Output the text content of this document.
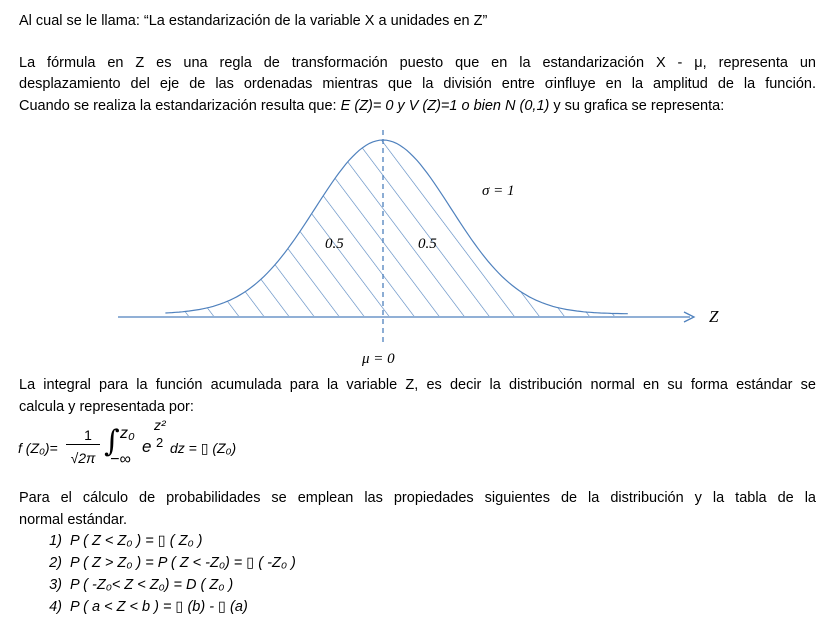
Al cual se le llama: “La estandarización de la variable X a unidades en Z”
La fórmula en Z es una regla de transformación puesto que en la estandarización X - μ, representa un
desplazamiento del eje de las ordenadas mientras que la división entre σinfluye en la amplitud de la función.
Cuando se realiza la estandarización resulta que: E (Z)= 0 y V (Z)=1 o bien N (0,1) y su grafica se representa:
Z
σ = 1
0.5	0.5
μ = 0
La integral para la función acumulada para la variable Z, es decir la distribución normal en su forma estándar se
calcula y representada por:
f (Z₀)=
1
√2π ∫ z₀
−∞
e
z²
2 dz = ▯ (Z₀)
Para el cálculo de probabilidades se emplean las propiedades siguientes de la distribución y la tabla de la
normal estándar.
1) P ( Z < Z₀ ) = ▯ ( Z₀ )
2) P ( Z > Z₀ ) = P ( Z < -Z₀) = ▯ ( -Z₀ )
3) P ( -Z₀< Z < Z₀) = D ( Z₀ )
4) P ( a < Z < b ) = ▯ (b) - ▯ (a)
